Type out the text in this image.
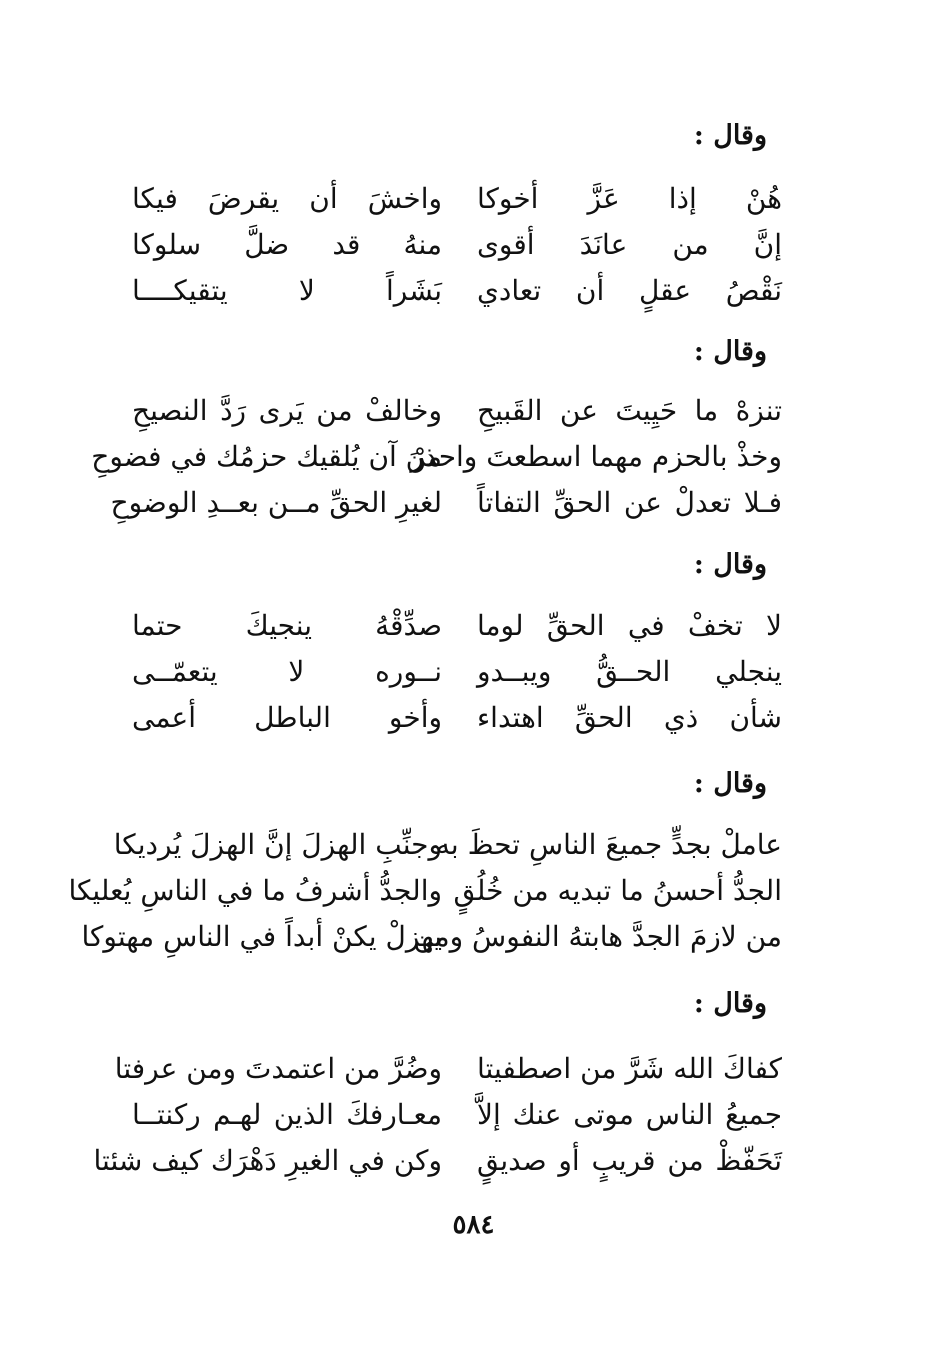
وقال :
هُنْ إذا عَزَّ أخوكا
واخشَ أن يقرضَ فيكا
إنَّ من عانَدَ أقوى
منهُ قد ضلَّ سلوكا
نَقْصُ عقلٍ أن تعادي
بَشَراً لا يتقيكــــا
وقال :
تنزهْ ما حَيِيتَ عن القَبيحِ
وخالفْ من يَرى رَدَّ النصيحِ
وخذْ بالحزم مهما اسطعتَ واحذرْ
منَ آن يُلقيك حزمُك في فضوحِ
فـلا تعدلْ عن الحقِّ التفاتاً
لغيرِ الحقِّ مــن بعــدِ الوضوحِ
وقال :
لا تخفْ في الحقِّ لوما
صدِّقْهُ ينجيكَ حتما
ينجلي الحــقُّ ويبــدو
نــوره لا يتعمّــى
شأن ذي الحقِّ اهتداء
وأخو الباطل أعمى
وقال :
عاملْ بجدٍّ جميعَ الناسِ تحظَ به
وجنِّبِ الهزلَ إنَّ الهزلَ يُرديكا
الجدُّ أحسنُ ما تبديه من خُلُقٍ
والجدُّ أشرفُ ما في الناسِ يُعليكا
من لازمَ الجدَّ هابتهُ النفوسُ ومن
يهزلْ يكنْ أبداً في الناسِ مهتوكا
وقال :
كفاكَ الله شَرَّ من اصطفيتا
وضُرَّ من اعتمدتَ ومن عرفتا
جميعُ الناس موتى عنك إلاَّ
معـارفكَ الذين لهـم ركنتــا
تَحَفّظْ من قريبٍ أو صديقٍ
وكن في الغيرِ دَهْرَك كيف شئتا
٥٨٤
